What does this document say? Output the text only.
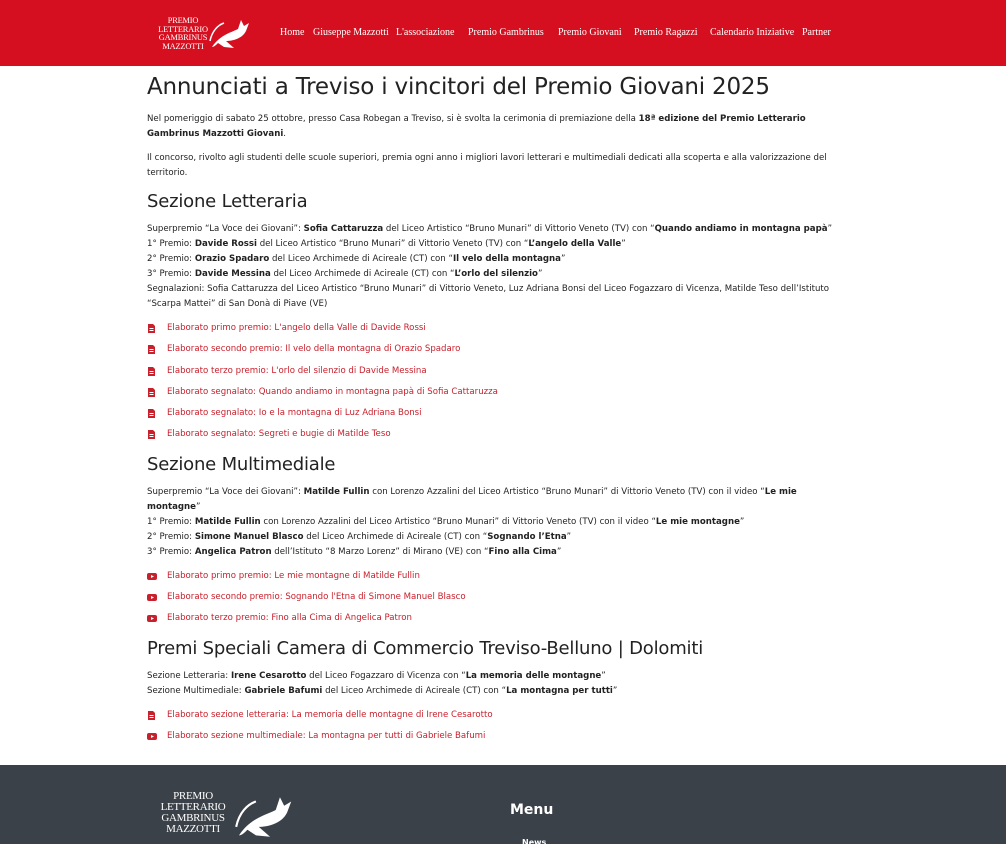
PREMIO
LETTERARIO
GAMBRINUS
MAZZOTTI
Home Giuseppe Mazzotti L'associazione Premio Gambrinus Premio Giovani Premio Ragazzi Calendario Iniziative Partner
Annunciati a Treviso i vincitori del Premio Giovani 2025

Nel pomeriggio di sabato 25 ottobre, presso Casa Robegan a Treviso, si è svolta la cerimonia di premiazione della 18ª edizione del Premio Letterario Gambrinus Mazzotti Giovani.

Il concorso, rivolto agli studenti delle scuole superiori, premia ogni anno i migliori lavori letterari e multimediali dedicati alla scoperta e alla valorizzazione del territorio.

Sezione Letteraria
Superpremio “La Voce dei Giovani”: Sofia Cattaruzza del Liceo Artistico “Bruno Munari” di Vittorio Veneto (TV) con “Quando andiamo in montagna papà”
1° Premio: Davide Rossi del Liceo Artistico “Bruno Munari” di Vittorio Veneto (TV) con “L’angelo della Valle”
2° Premio: Orazio Spadaro del Liceo Archimede di Acireale (CT) con “Il velo della montagna”
3° Premio: Davide Messina del Liceo Archimede di Acireale (CT) con “L’orlo del silenzio”
Segnalazioni: Sofia Cattaruzza del Liceo Artistico “Bruno Munari” di Vittorio Veneto, Luz Adriana Bonsi del Liceo Fogazzaro di Vicenza, Matilde Teso dell’Istituto “Scarpa Mattei” di San Donà di Piave (VE)
Elaborato primo premio: L'angelo della Valle di Davide Rossi
Elaborato secondo premio: Il velo della montagna di Orazio Spadaro
Elaborato terzo premio: L'orlo del silenzio di Davide Messina
Elaborato segnalato: Quando andiamo in montagna papà di Sofia Cattaruzza
Elaborato segnalato: Io e la montagna di Luz Adriana Bonsi
Elaborato segnalato: Segreti e bugie di Matilde Teso
Sezione Multimediale
Superpremio “La Voce dei Giovani”: Matilde Fullin con Lorenzo Azzalini del Liceo Artistico “Bruno Munari” di Vittorio Veneto (TV) con il video “Le mie montagne”
1° Premio: Matilde Fullin con Lorenzo Azzalini del Liceo Artistico “Bruno Munari” di Vittorio Veneto (TV) con il video “Le mie montagne”
2° Premio: Simone Manuel Blasco del Liceo Archimede di Acireale (CT) con “Sognando l’Etna”
3° Premio: Angelica Patron dell’Istituto “8 Marzo Lorenz” di Mirano (VE) con “Fino alla Cima”
Elaborato primo premio: Le mie montagne di Matilde Fullin
Elaborato secondo premio: Sognando l'Etna di Simone Manuel Blasco
Elaborato terzo premio: Fino alla Cima di Angelica Patron
Premi Speciali Camera di Commercio Treviso-Belluno | Dolomiti
Sezione Letteraria: Irene Cesarotto del Liceo Fogazzaro di Vicenza con “La memoria delle montagne”
Sezione Multimediale: Gabriele Bafumi del Liceo Archimede di Acireale (CT) con “La montagna per tutti”
Elaborato sezione letteraria: La memoria delle montagne di Irene Cesarotto
Elaborato sezione multimediale: La montagna per tutti di Gabriele Bafumi
PREMIO
LETTERARIO
GAMBRINUS
MAZZOTTI
Menu
News
